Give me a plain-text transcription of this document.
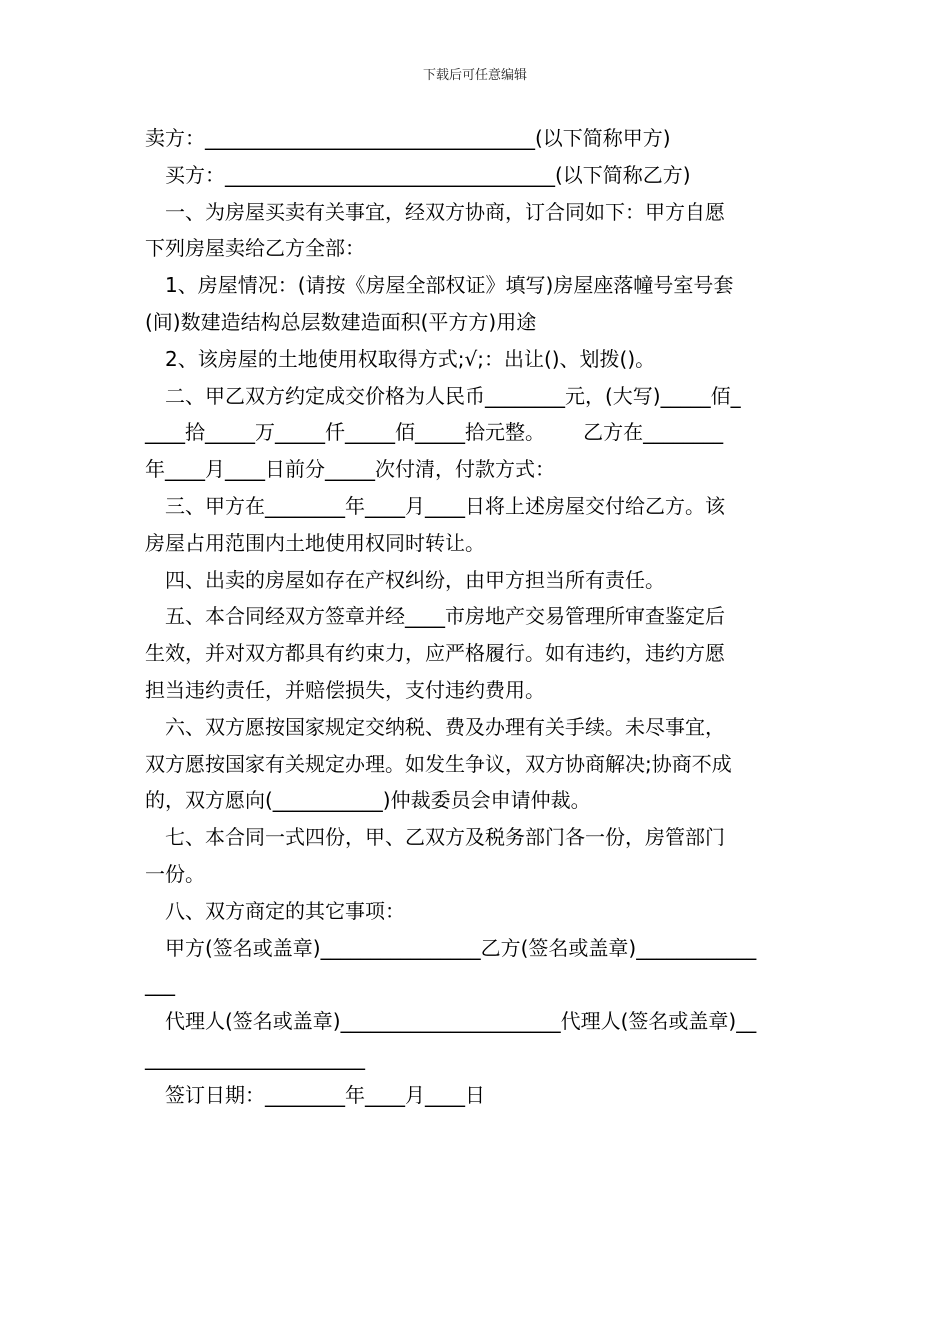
下载后可任意编辑

卖方：_________________________________(以下简称甲方)

买方：_________________________________(以下简称乙方)

一、为房屋买卖有关事宜，经双方协商，订合同如下：甲方自愿

下列房屋卖给乙方全部：

1、房屋情况：(请按《房屋全部权证》填写)房屋座落幢号室号套

(间)数建造结构总层数建造面积(平方方)用途

2、该房屋的土地使用权取得方式;√;：出让()、划拨()。

二、甲乙双方约定成交价格为人民币________元，(大写)_____佰_

____拾_____万_____仟_____佰_____拾元整。      乙方在________

年____月____日前分_____次付清，付款方式：

三、甲方在________年____月____日将上述房屋交付给乙方。该

房屋占用范围内土地使用权同时转让。

四、出卖的房屋如存在产权纠纷，由甲方担当所有责任。

五、本合同经双方签章并经____市房地产交易管理所审查鉴定后

生效，并对双方都具有约束力，应严格履行。如有违约，违约方愿

担当违约责任，并赔偿损失，支付违约费用。

六、双方愿按国家规定交纳税、费及办理有关手续。未尽事宜，

双方愿按国家有关规定办理。如发生争议，双方协商解决;协商不成

的，双方愿向(___________)仲裁委员会申请仲裁。

七、本合同一式四份，甲、乙双方及税务部门各一份，房管部门

一份。

八、双方商定的其它事项：

甲方(签名或盖章)________________乙方(签名或盖章)____________

___

代理人(签名或盖章)______________________代理人(签名或盖章)__

______________________

签订日期：________年____月____日
